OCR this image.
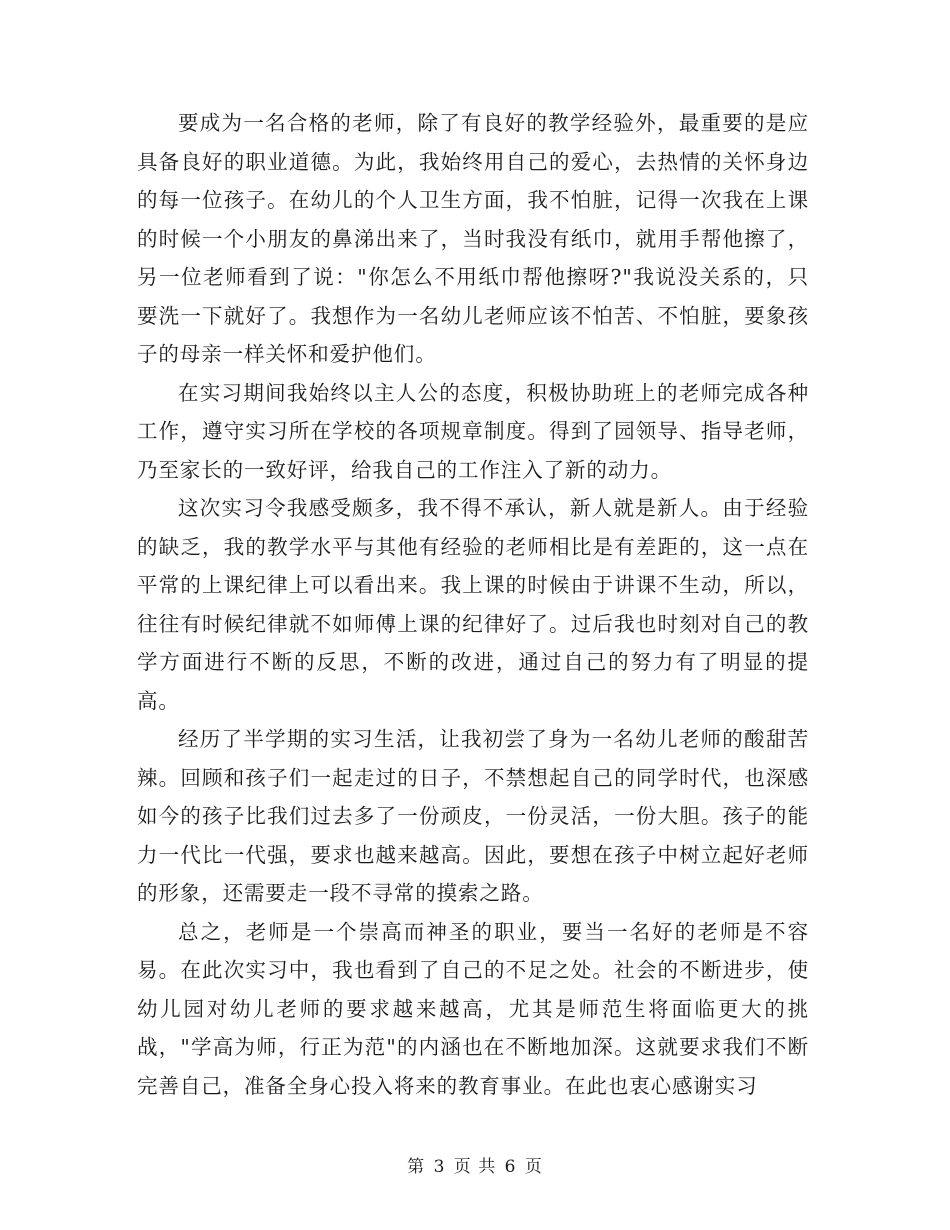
要成为一名合格的老师，除了有良好的教学经验外，最重要的是应具备良好的职业道德。为此，我始终用自己的爱心，去热情的关怀身边的每一位孩子。在幼儿的个人卫生方面，我不怕脏，记得一次我在上课的时候一个小朋友的鼻涕出来了，当时我没有纸巾，就用手帮他擦了，另一位老师看到了说："你怎么不用纸巾帮他擦呀?"我说没关系的，只要洗一下就好了。我想作为一名幼儿老师应该不怕苦、不怕脏，要象孩子的母亲一样关怀和爱护他们。

在实习期间我始终以主人公的态度，积极协助班上的老师完成各种工作，遵守实习所在学校的各项规章制度。得到了园领导、指导老师，乃至家长的一致好评，给我自己的工作注入了新的动力。

这次实习令我感受颇多，我不得不承认，新人就是新人。由于经验的缺乏，我的教学水平与其他有经验的老师相比是有差距的，这一点在平常的上课纪律上可以看出来。我上课的时候由于讲课不生动，所以，往往有时候纪律就不如师傅上课的纪律好了。过后我也时刻对自己的教学方面进行不断的反思，不断的改进，通过自己的努力有了明显的提高。

经历了半学期的实习生活，让我初尝了身为一名幼儿老师的酸甜苦辣。回顾和孩子们一起走过的日子，不禁想起自己的同学时代，也深感如今的孩子比我们过去多了一份顽皮，一份灵活，一份大胆。孩子的能力一代比一代强，要求也越来越高。因此，要想在孩子中树立起好老师的形象，还需要走一段不寻常的摸索之路。

总之，老师是一个崇高而神圣的职业，要当一名好的老师是不容易。在此次实习中，我也看到了自己的不足之处。社会的不断进步，使幼儿园对幼儿老师的要求越来越高，尤其是师范生将面临更大的挑战，"学高为师，行正为范"的内涵也在不断地加深。这就要求我们不断完善自己，准备全身心投入将来的教育事业。在此也衷心感谢实习

第 3 页 共 6 页
